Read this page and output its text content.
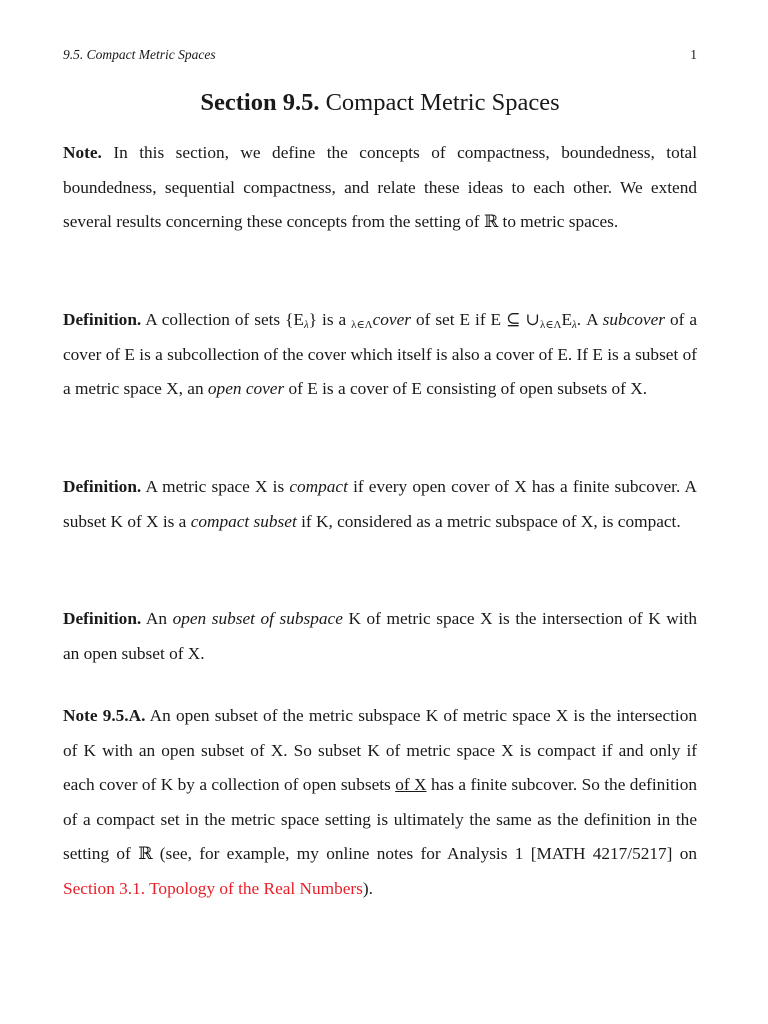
9.5. Compact Metric Spaces	1
Section 9.5. Compact Metric Spaces

Note. In this section, we define the concepts of compactness, boundedness, total boundedness, sequential compactness, and relate these ideas to each other. We extend several results concerning these concepts from the setting of ℝ to metric spaces.

Definition. A collection of sets $\{E_\lambda\}$ is a $_{\lambda\in\Lambda}$cover of set E if E ⊆ $\cup_{\lambda\in\Lambda}E_\lambda$. A subcover of a cover of E is a subcollection of the cover which itself is also a cover of E. If E is a subset of a metric space X, an open cover of E is a cover of E consisting of open subsets of X.

Definition. A metric space X is compact if every open cover of X has a finite subcover. A subset K of X is a compact subset if K, considered as a metric subspace of X, is compact.

Definition. An open subset of subspace K of metric space X is the intersection of K with an open subset of X.

Note 9.5.A. An open subset of the metric subspace K of metric space X is the intersection of K with an open subset of X. So subset K of metric space X is compact if and only if each cover of K by a collection of open subsets of X has a finite subcover. So the definition of a compact set in the metric space setting is ultimately the same as the definition in the setting of ℝ (see, for example, my online notes for Analysis 1 [MATH 4217/5217] on Section 3.1. Topology of the Real Numbers).
